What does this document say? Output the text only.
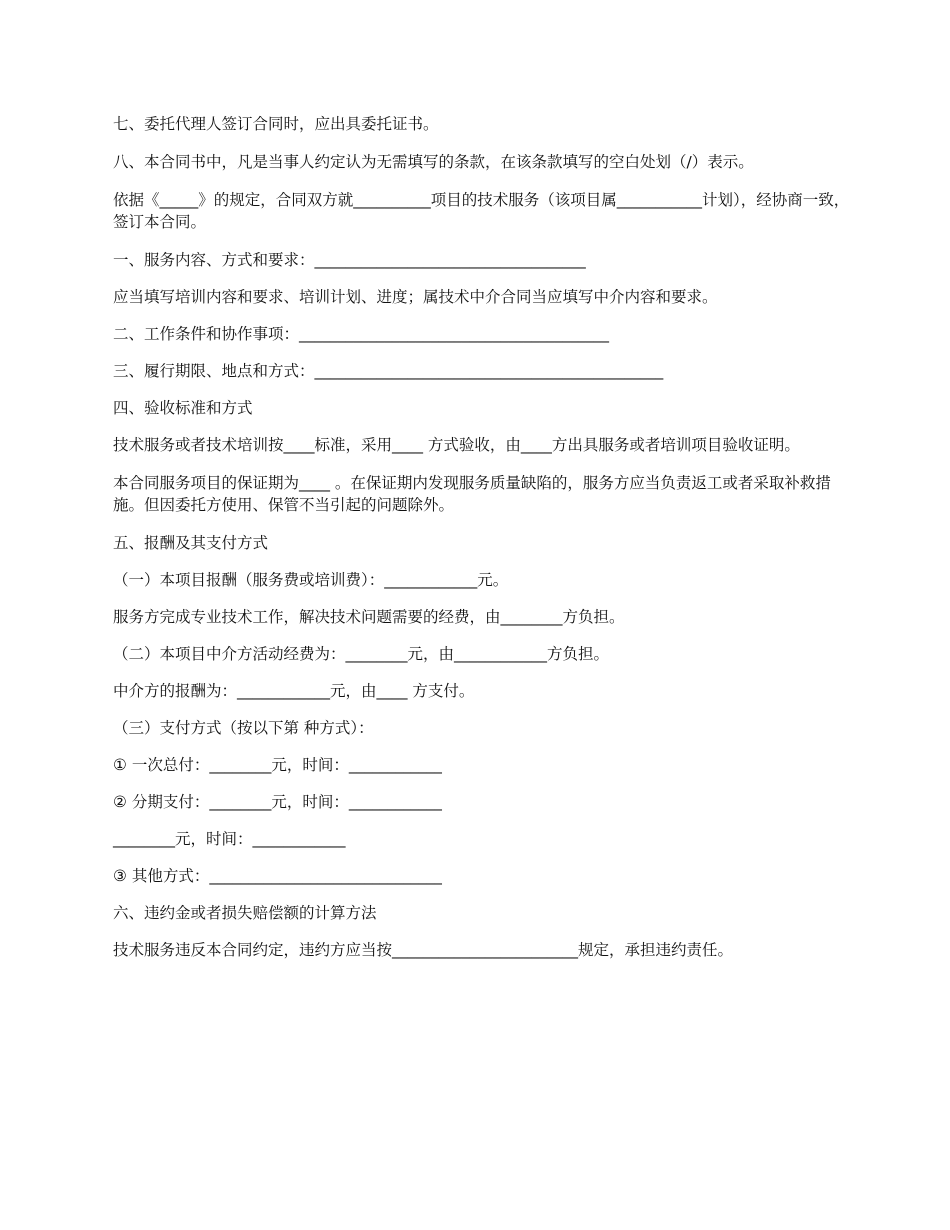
七、委托代理人签订合同时，应出具委托证书。

八、本合同书中，凡是当事人约定认为无需填写的条款，在该条款填写的空白处划（/）表示。

依据《_____》的规定，合同双方就__________项目的技术服务（该项目属___________计划），经协商一致，签订本合同。

一、服务内容、方式和要求：___________________________________

应当填写培训内容和要求、培训计划、进度；属技术中介合同当应填写中介内容和要求。

二、工作条件和协作事项：________________________________________

三、履行期限、地点和方式：_____________________________________________

四、验收标准和方式

技术服务或者技术培训按____标准，采用____ 方式验收，由____方出具服务或者培训项目验收证明。

本合同服务项目的保证期为____ 。在保证期内发现服务质量缺陷的，服务方应当负责返工或者采取补救措施。但因委托方使用、保管不当引起的问题除外。

五、报酬及其支付方式

（一）本项目报酬（服务费或培训费）：____________元。

服务方完成专业技术工作，解决技术问题需要的经费，由________方负担。

（二）本项目中介方活动经费为：________元，由____________方负担。

中介方的报酬为：____________元，由____ 方支付。

（三）支付方式（按以下第 种方式）：

① 一次总付：________元，时间：____________

② 分期支付：________元，时间：____________

________元，时间：____________

③ 其他方式：______________________________

六、违约金或者损失赔偿额的计算方法

技术服务违反本合同约定，违约方应当按________________________规定，承担违约责任。
